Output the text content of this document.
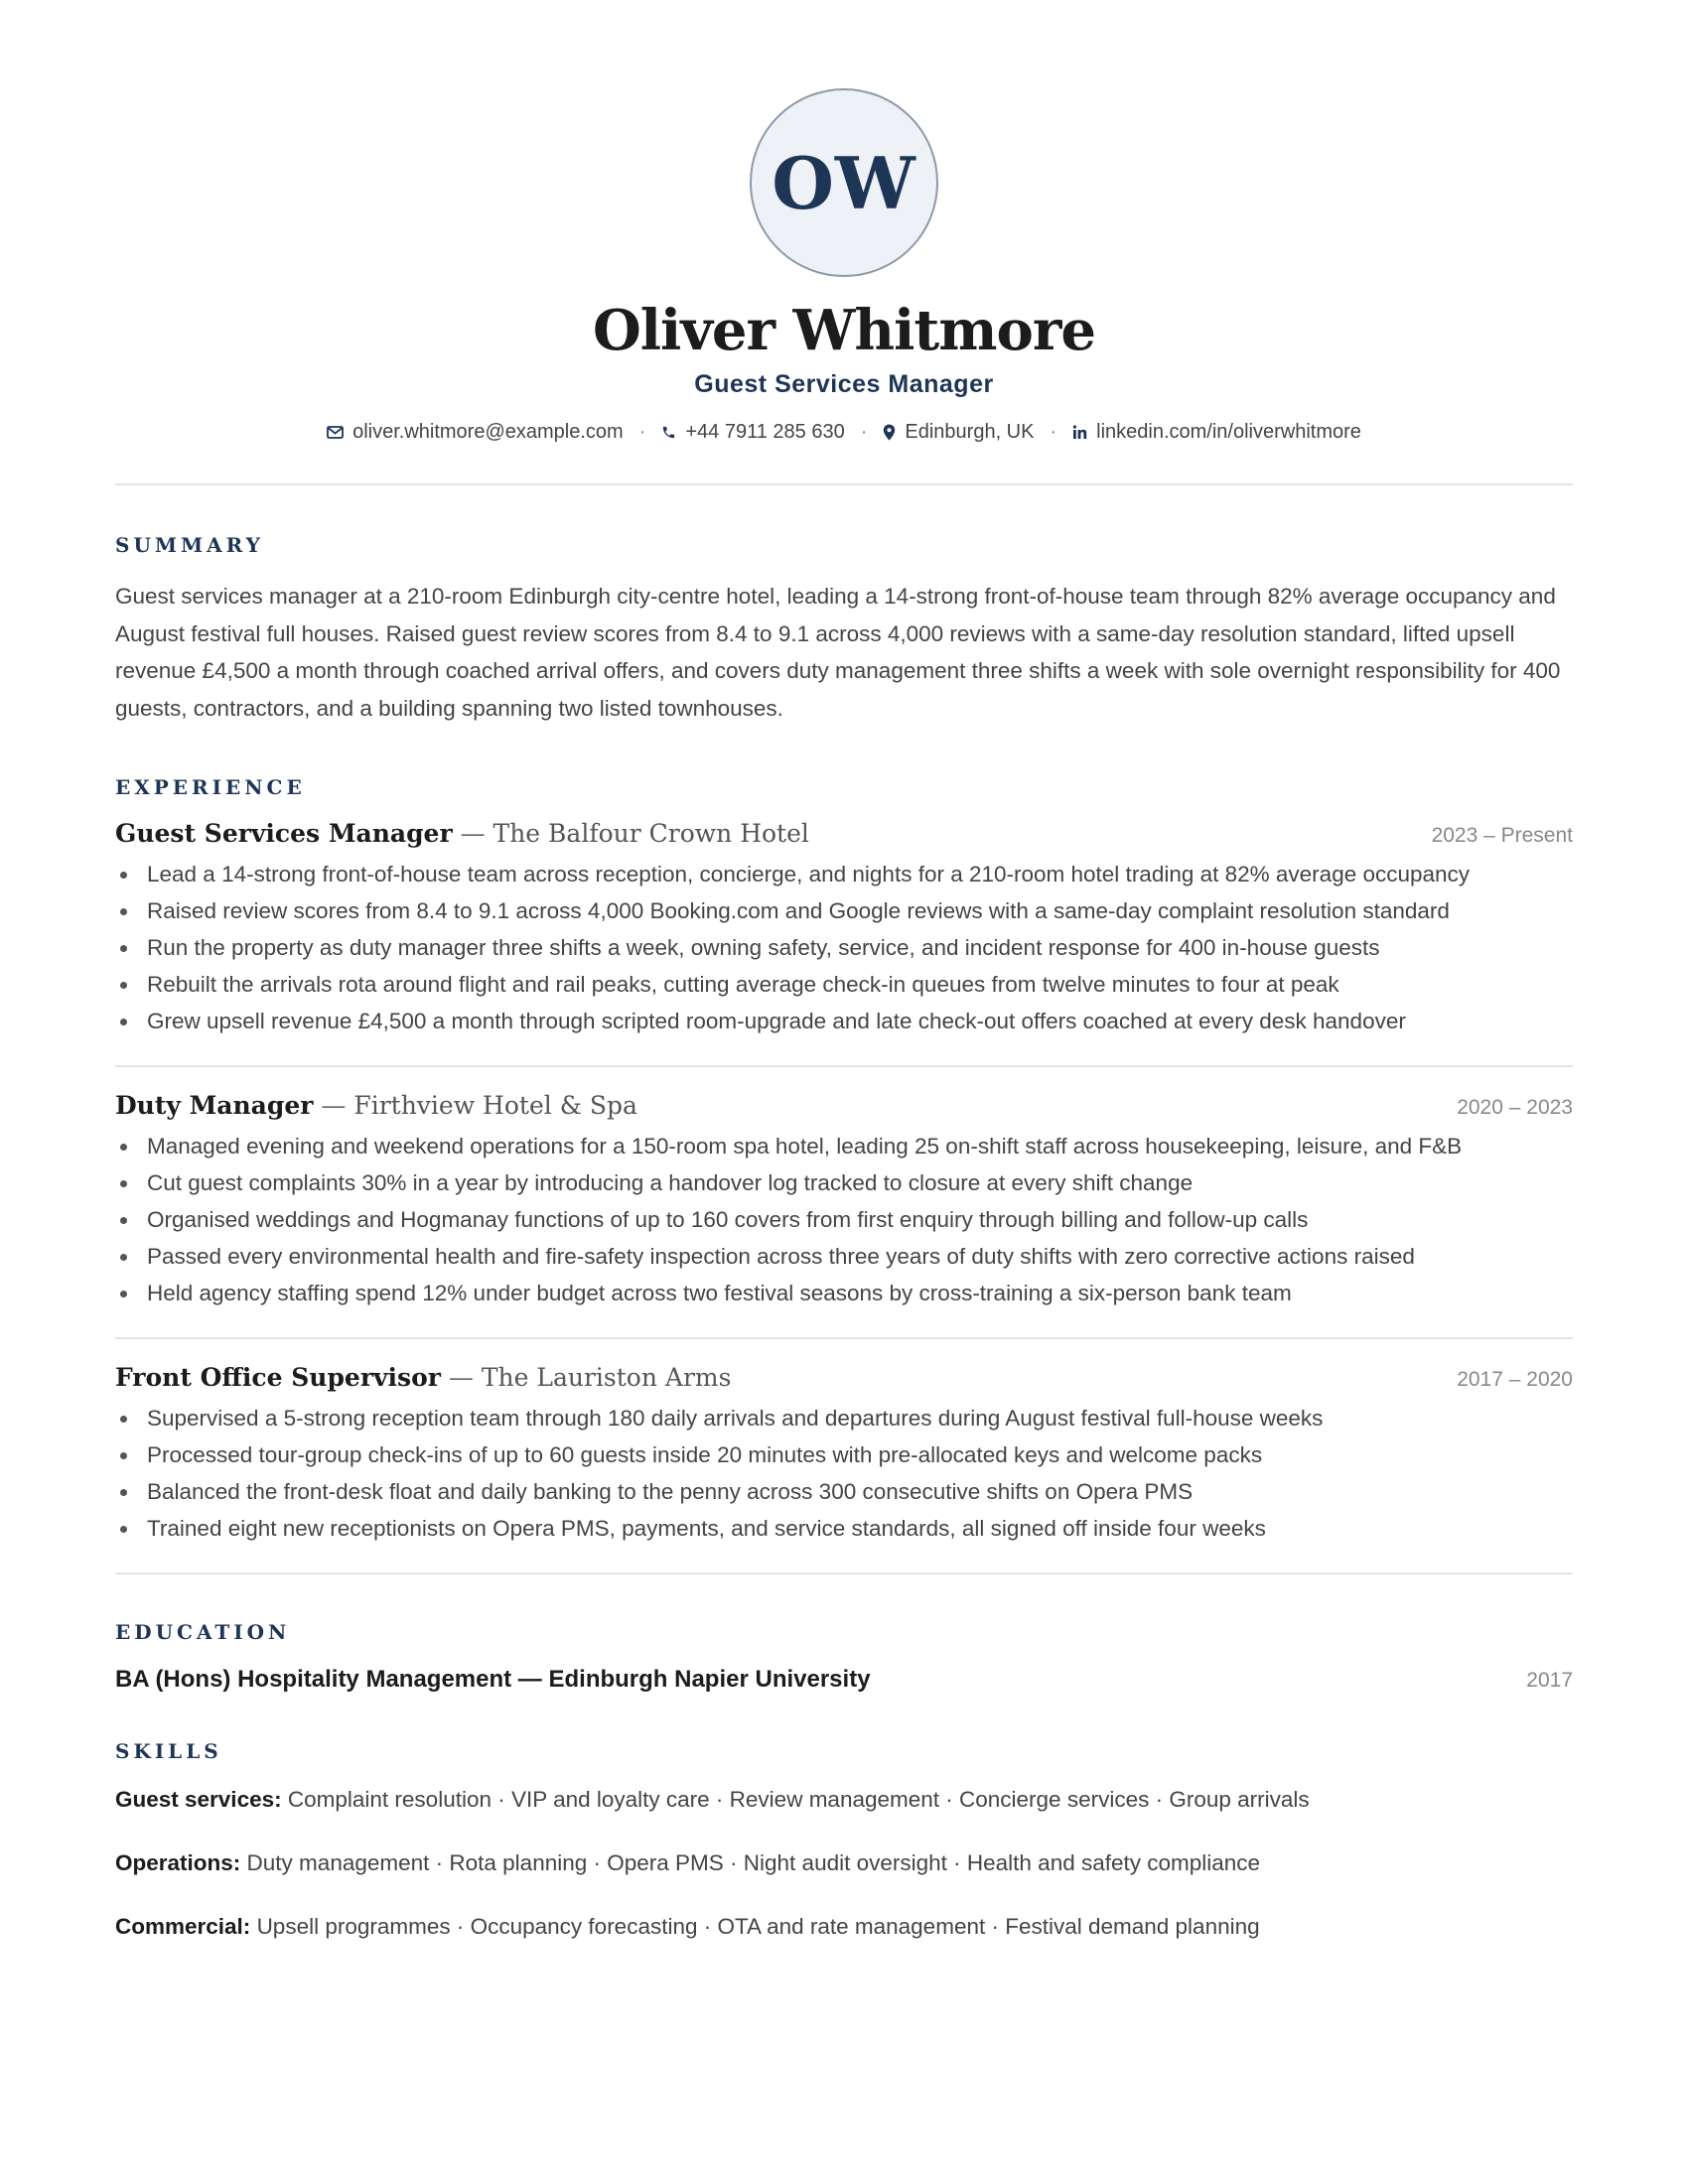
OW
Oliver Whitmore
Guest Services Manager
oliver.whitmore@example.com · +44 7911 285 630 · Edinburgh, UK · linkedin.com/in/oliverwhitmore
SUMMARY
Guest services manager at a 210-room Edinburgh city-centre hotel, leading a 14-strong front-of-house team through 82% average occupancy and August festival full houses. Raised guest review scores from 8.4 to 9.1 across 4,000 reviews with a same-day resolution standard, lifted upsell revenue £4,500 a month through coached arrival offers, and covers duty management three shifts a week with sole overnight responsibility for 400 guests, contractors, and a building spanning two listed townhouses.
EXPERIENCE
Guest Services Manager — The Balfour Crown Hotel	2023 – Present
Lead a 14-strong front-of-house team across reception, concierge, and nights for a 210-room hotel trading at 82% average occupancy
Raised review scores from 8.4 to 9.1 across 4,000 Booking.com and Google reviews with a same-day complaint resolution standard
Run the property as duty manager three shifts a week, owning safety, service, and incident response for 400 in-house guests
Rebuilt the arrivals rota around flight and rail peaks, cutting average check-in queues from twelve minutes to four at peak
Grew upsell revenue £4,500 a month through scripted room-upgrade and late check-out offers coached at every desk handover
Duty Manager — Firthview Hotel & Spa	2020 – 2023
Managed evening and weekend operations for a 150-room spa hotel, leading 25 on-shift staff across housekeeping, leisure, and F&B
Cut guest complaints 30% in a year by introducing a handover log tracked to closure at every shift change
Organised weddings and Hogmanay functions of up to 160 covers from first enquiry through billing and follow-up calls
Passed every environmental health and fire-safety inspection across three years of duty shifts with zero corrective actions raised
Held agency staffing spend 12% under budget across two festival seasons by cross-training a six-person bank team
Front Office Supervisor — The Lauriston Arms	2017 – 2020
Supervised a 5-strong reception team through 180 daily arrivals and departures during August festival full-house weeks
Processed tour-group check-ins of up to 60 guests inside 20 minutes with pre-allocated keys and welcome packs
Balanced the front-desk float and daily banking to the penny across 300 consecutive shifts on Opera PMS
Trained eight new receptionists on Opera PMS, payments, and service standards, all signed off inside four weeks
EDUCATION
BA (Hons) Hospitality Management — Edinburgh Napier University	2017
SKILLS
Guest services: Complaint resolution · VIP and loyalty care · Review management · Concierge services · Group arrivals
Operations: Duty management · Rota planning · Opera PMS · Night audit oversight · Health and safety compliance
Commercial: Upsell programmes · Occupancy forecasting · OTA and rate management · Festival demand planning
